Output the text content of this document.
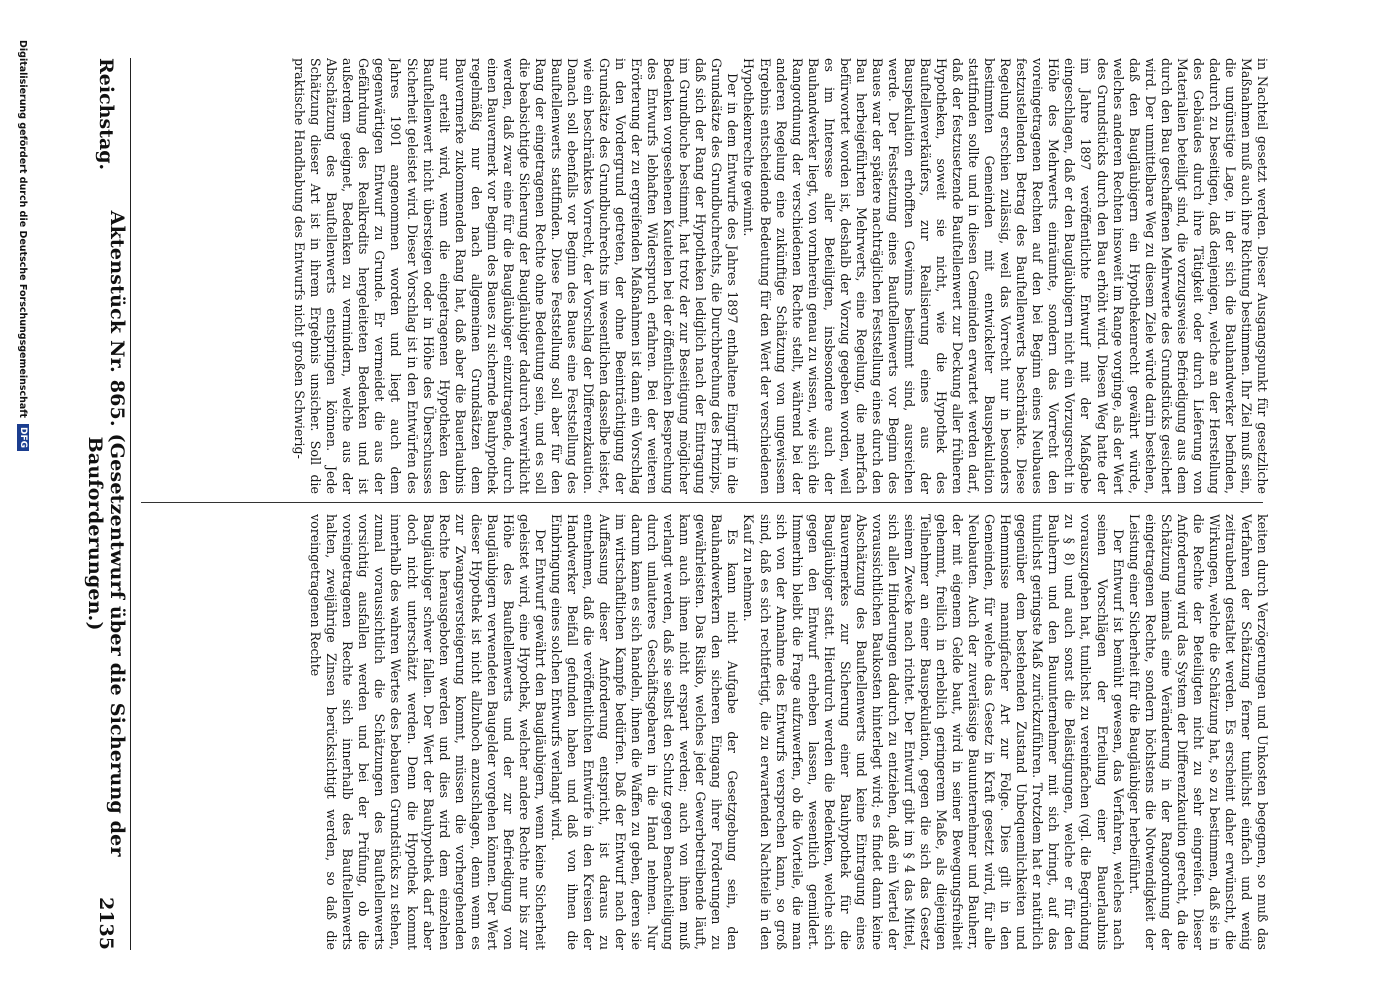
Reichstag.
Aktenstück Nr. 865. (Gesetzentwurf über die Sicherung der Bauforderungen.)
2135

in Nachteil gesetzt werden. Dieser Ausgangspunkt für gesetzliche Maßnahmen muß auch ihre Richtung bestimmen. Ihr Ziel muß sein, die ungünstige Lage, in der sich die Bauhandwerker befinden, dadurch zu beseitigen, daß denjenigen, welche an der Herstellung des Gebäudes durch ihre Tätigkeit oder durch Lieferung von Materialien beteiligt sind, die vorzugsweise Befriedigung aus dem durch den Bau geschaffenen Mehrwerte des Grundstücks gesichert wird. Der unmittelbare Weg zu diesem Ziele würde darin bestehen, daß den Baugläubigern ein Hypothekenrecht gewährt würde, welches anderen Rechten insoweit im Range vorginge, als der Wert des Grundstücks durch den Bau erhöht wird. Diesen Weg hatte der im Jahre 1897 veröffentlichte Entwurf mit der Maßgabe eingeschlagen, daß er den Baugläubigern nicht ein Vorzugsrecht in Höhe des Mehrwerts einräumte, sondern das Vorrecht den voreingetragenen Rechten auf den bei Beginn eines Neubaues festzustellenden Betrag des Bauſtellenwerts beschränkte. Diese Regelung erschien zulässig, weil das Vorrecht nur in besonders bestimmten Gemeinden mit entwickelter Bauspekulation stattfinden sollte und in diesen Gemeinden erwartet werden darf, daß der festzusetzende Bauſtellenwert zur Deckung aller früheren Hypotheken, soweit sie nicht, wie die Hypothek des Bauſtellenverkäufers, zur Realisierung eines aus der Bauspekulation erhofften Gewinns bestimmt sind, ausreichen werde. Der Festsetzung eines Bauſtellenwerts vor Beginn des Baues war der spätere nachträglichen Feststellung eines durch den Bau herbeigeführten Mehrwerts, eine Regelung, die mehrfach befürwortet worden ist, deshalb der Vorzug gegeben worden, weil es im Interesse aller Beteiligten, insbesondere auch der Bauhandwerker liegt, von vornherein genau zu wissen, wie sich die Rangordnung der verschiedenen Rechte stellt, während bei der anderen Regelung eine zukünftige Schätzung von ungewissem Ergebnis entscheidende Bedeutung für den Wert der verschiedenen Hypothekenrechte gewinnt.

Der in dem Entwurfe des Jahres 1897 enthaltene Eingriff in die Grundsätze des Grundbuchrechts, die Durchbrechung des Prinzips, daß sich der Rang der Hypotheken lediglich nach der Eintragung im Grundbuche bestimmt, hat trotz der zur Beseitigung möglicher Bedenken vorgesehenen Kautelen bei der öffentlichen Besprechung des Entwurfs lebhaften Widerspruch erfahren. Bei der weiteren Erörterung der zu ergreifenden Maßnahmen ist dann ein Vorschlag in den Vordergrund getreten, der ohne Beeinträchtigung der Grundsätze des Grundbuchrechts im wesentlichen dasselbe leistet, wie ein beschränktes Vorrecht, der Vorschlag der Differenzkaution. Danach soll ebenfalls vor Beginn des Baues eine Feststellung des Bauſtellenwerts stattfinden. Diese Feststellung soll aber für den Rang der eingetragenen Rechte ohne Bedeutung sein, und es soll die beabsichtigte Sicherung der Baugläubiger dadurch verwirklicht werden, daß zwar eine für die Baugläubiger einzutragende, durch einen Bauvermerk vor Beginn des Baues zu sichernde Bauhypothek regelmäßig nur den nach allgemeinen Grundsätzen dem Bauvermerke zukommenden Rang hat, daß aber die Bauerlaubnis nur erteilt wird, wenn die eingetragenen Hypotheken den Bauſtellenwert nicht übersteigen oder in Höhe des Überschusses Sicherheit geleistet wird. Dieser Vorschlag ist in den Entwürfen des Jahres 1901 angenommen worden und liegt auch dem gegenwärtigen Entwurf zu Grunde. Er vermeidet die aus der Gefährdung des Realkredits hergeleiteten Bedenken und ist außerdem geeignet, Bedenken zu vermindern, welche aus der Abschätzung des Bauſtellenwerts entspringen können. Jede Schätzung dieser Art ist in ihrem Ergebnis unsicher. Soll die praktische Handhabung des Entwurfs nicht großen Schwierig-

keiten durch Verzögerungen und Unkosten begegnen, so muß das Verfahren der Schätzung ferner tunlichst einfach und wenig zeitraubend gestaltet werden. Es erscheint daher erwünscht, die Wirkungen, welche die Schätzung hat, so zu bestimmen, daß sie in die Rechte der Beteiligten nicht zu sehr eingreifen. Dieser Anforderung wird das System der Differenzkaution gerecht, da die Schätzung niemals eine Veränderung in der Rangordnung der eingetragenen Rechte, sondern höchstens die Notwendigkeit der Leistung einer Sicherheit für die Baugläubiger herbeiführt.

Der Entwurf ist bemüht gewesen, das Verfahren, welches nach seinen Vorschlägen der Erteilung einer Bauerlaubnis vorauszugehen hat, tunlichst zu vereinfachen (vgl. die Begründung zu § 8) und auch sonst die Belästigungen, welche er für den Bauherrn und den Bauunternehmer mit sich bringt, auf das tunlichst geringste Maß zurückzuführen. Trotzdem hat er natürlich gegenüber dem bestehenden Zustand Unbequemlichkeiten und Hemmnisse mannigfacher Art zur Folge. Dies gilt in den Gemeinden, für welche das Gesetz in Kraft gesetzt wird, für alle Neubauten. Auch der zuverlässige Bauunternehmer und Bauherr, der mit eigenem Gelde baut, wird in seiner Bewegungsfreiheit gehemmt, freilich in erheblich geringerem Maße, als diejenigen Teilnehmer an einer Bauspekulation, gegen die sich das Gesetz seinem Zwecke nach richtet. Der Entwurf gibt im § 4 das Mittel, sich allen Hinderungen dadurch zu entziehen, daß ein Viertel der voraussichtlichen Baukosten hinterlegt wird; es findet dann keine Abschätzung des Bauſtellenwerts und keine Eintragung eines Bauvermerkes zur Sicherung einer Bauhypothek für die Baugläubiger statt. Hierdurch werden die Bedenken, welche sich gegen den Entwurf erheben lassen, wesentlich gemildert. Immerhin bleibt die Frage aufzuwerfen, ob die Vorteile, die man sich von der Annahme des Entwurfs versprechen kann, so groß sind, daß es sich rechtfertigt, die zu erwartenden Nachteile in den Kauf zu nehmen.

Es kann nicht Aufgabe der Gesetzgebung sein, den Bauhandwerkern den sicheren Eingang ihrer Forderungen zu gewährleisten. Das Risiko, welches jeder Gewerbetreibende läuft, kann auch ihnen nicht erspart werden; auch von ihnen muß verlangt werden, daß sie selbst den Schutz gegen Benachteiligung durch unlauteres Geschäftsgebaren in die Hand nehmen. Nur darum kann es sich handeln, ihnen die Waffen zu geben, deren sie im wirtschaftlichen Kampfe bedürfen. Daß der Entwurf nach der Auffassung dieser Anforderung entspricht, ist daraus zu entnehmen, daß die veröffentlichten Entwürfe in den Kreisen der Handwerker Beifall gefunden haben und daß von ihnen die Einbringung eines solchen Entwurfs verlangt wird.

Der Entwurf gewährt den Baugläubigern, wenn keine Sicherheit geleistet wird, eine Hypothek, welcher andere Rechte nur bis zur Höhe des Bauſtellenwerts und der zur Befriedigung von Baugläubigern verwendeten Baugelder vorgehen können. Der Wert dieser Hypothek ist nicht allzuhoch anzuschlagen, denn wenn es zur Zwangsversteigerung kommt, müssen die vorhergehenden Rechte herausgeboten werden und dies wird dem einzelnen Baugläubiger schwer fallen. Der Wert der Bauhypothek darf aber doch nicht unterschätzt werden. Denn die Hypothek kommt innerhalb des wahren Wertes des bebauten Grundstücks zu stehen, zumal voraussichtlich die Schätzungen des Bauſtellenwerts vorsichtig ausfallen werden und bei der Prüfung, ob die voreingetragenen Rechte sich innerhalb des Bauſtellenwerts halten, zweijährige Zinsen berücksichtigt werden, so daß die voreingetragenen Rechte

Digitalisierung gefördert durch die Deutsche Forschungsgemeinschaft
DFG
